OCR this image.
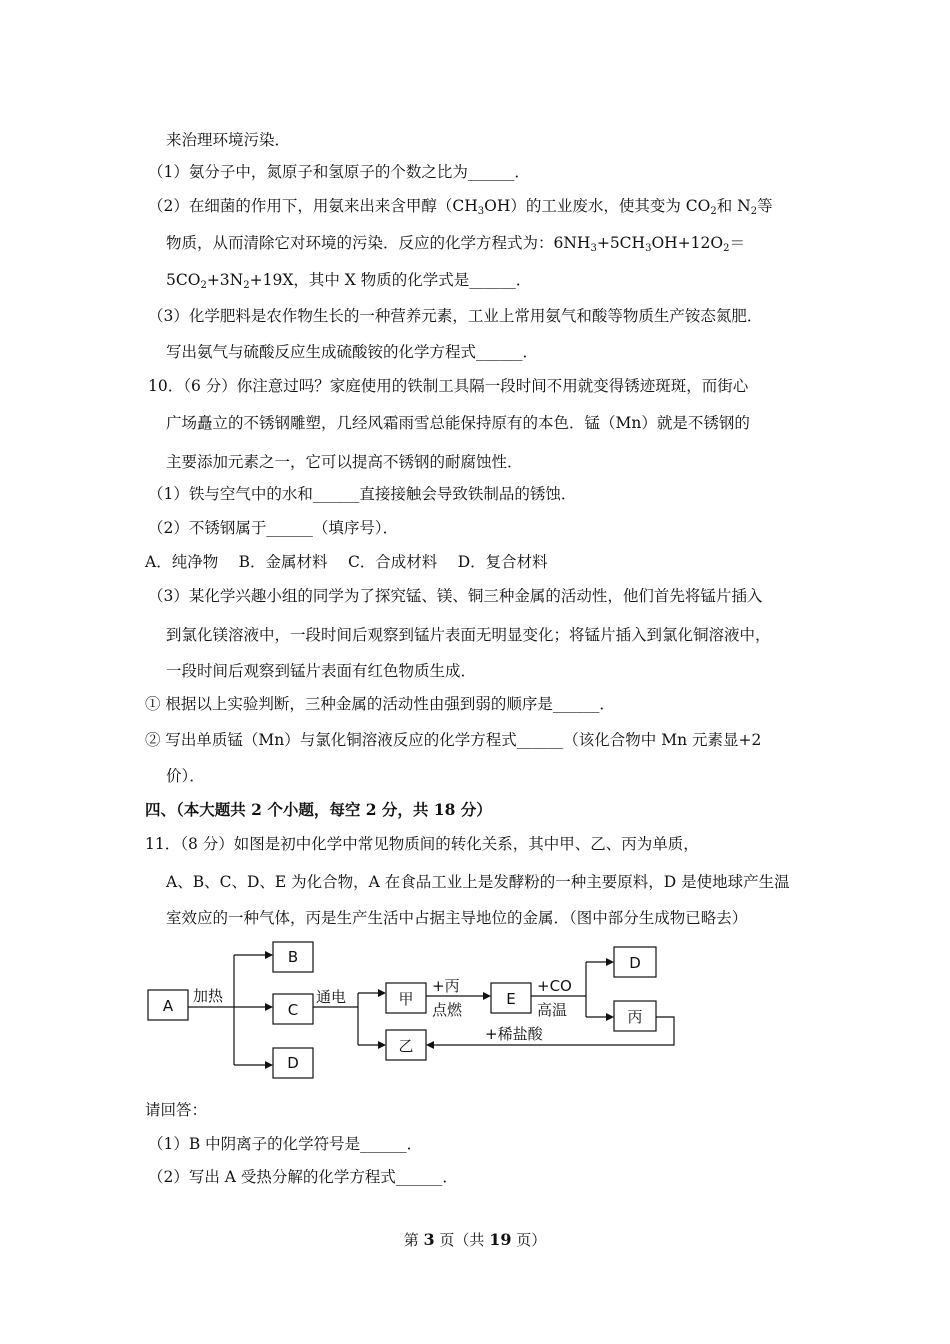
来治理环境污染．
（1）氨分子中，氮原子和氢原子的个数之比为______．
（2）在细菌的作用下，用氨来出来含甲醇$(CH_3OH)$的工业废水，使其变为 $CO_2$和 $N_2$等
物质，从而清除它对环境的污染．反应的化学方程式为：$6NH_3+5CH_3OH+12O_2=$
$5CO_2+3N_2+19X$，其中 X 物质的化学式是______．
（3）化学肥料是农作物生长的一种营养元素，工业上常用氨气和酸等物质生产铵态氮肥．
写出氨气与硫酸反应生成硫酸铵的化学方程式______．
10．（6 分）你注意过吗？家庭使用的铁制工具隔一段时间不用就变得锈迹斑斑，而街心
广场矗立的不锈钢雕塑，几经风霜雨雪总能保持原有的本色．锰（Mn）就是不锈钢的
主要添加元素之一，它可以提高不锈钢的耐腐蚀性．
（1）铁与空气中的水和______直接接触会导致铁制品的锈蚀．
（2）不锈钢属于______（填序号）．
A．纯净物　 B．金属材料　 C．合成材料　 D．复合材料
（3）某化学兴趣小组的同学为了探究锰、镁、铜三种金属的活动性，他们首先将锰片插入
到氯化镁溶液中，一段时间后观察到锰片表面无明显变化；将锰片插入到氯化铜溶液中，
一段时间后观察到锰片表面有红色物质生成．
① 根据以上实验判断，三种金属的活动性由强到弱的顺序是______．
② 写出单质锰（Mn）与氯化铜溶液反应的化学方程式______（该化合物中 Mn 元素显+2
价）．
四、（本大题共 2 个小题，每空 2 分，共 18 分）
11．（8 分）如图是初中化学中常见物质间的转化关系，其中甲、乙、丙为单质，
A、B、C、D、E 为化合物，A 在食品工业上是发酵粉的一种主要原料，D 是使地球产生温
室效应的一种气体，丙是生产生活中占据主导地位的金属．（图中部分生成物已略去）
A
B
C
D
甲
乙
E
D
丙
加热	通电
+丙
点燃
+CO
高温
+稀盐酸
请回答：
（1）B 中阴离子的化学符号是______．
（2）写出 A 受热分解的化学方程式______．
第 3 页（共 19 页）
